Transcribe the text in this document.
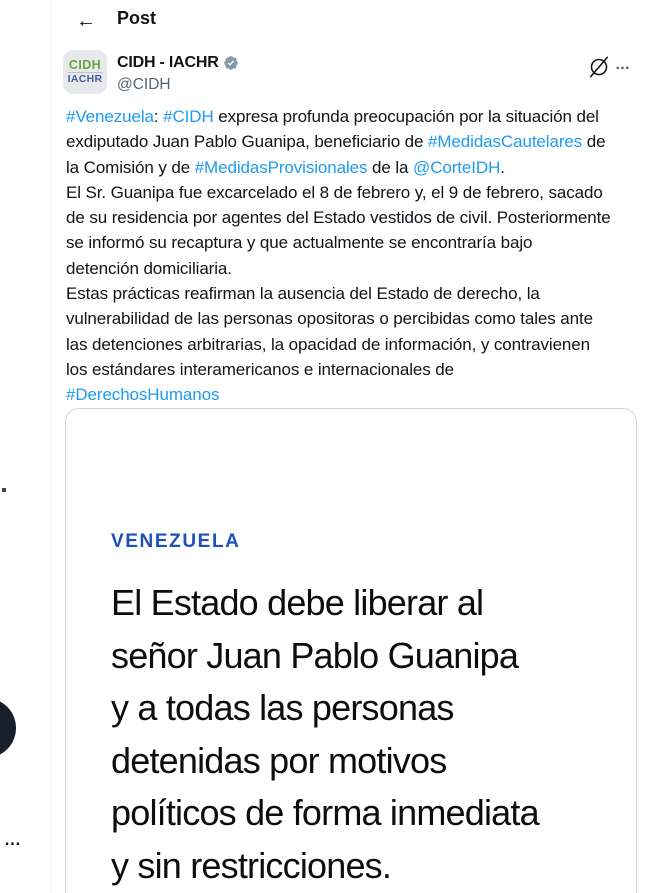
…
← Post
CIDH
IACHR
CIDH - IACHR
@CIDH
…
#Venezuela: #CIDH expresa profunda preocupación por la situación del
exdiputado Juan Pablo Guanipa, beneficiario de #MedidasCautelares de
la Comisión y de #MedidasProvisionales de la @CorteIDH.
El Sr. Guanipa fue excarcelado el 8 de febrero y, el 9 de febrero, sacado
de su residencia por agentes del Estado vestidos de civil. Posteriormente
se informó su recaptura y que actualmente se encontraría bajo
detención domiciliaria.
Estas prácticas reafirman la ausencia del Estado de derecho, la
vulnerabilidad de las personas opositoras o percibidas como tales ante
las detenciones arbitrarias, la opacidad de información, y contravienen
los estándares interamericanos e internacionales de
#DerechosHumanos
VENEZUELA
El Estado debe liberar al
señor Juan Pablo Guanipa
y a todas las personas
detenidas por motivos
políticos de forma inmediata
y sin restricciones.
